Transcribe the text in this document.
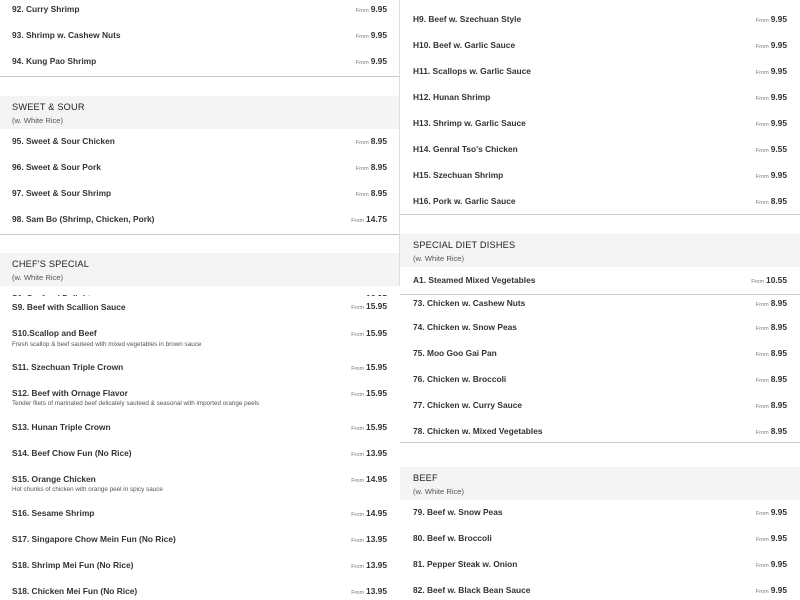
92. Curry Shrimp	From 9.95
93. Shrimp w. Cashew Nuts	From 9.95
94. Kung Pao Shrimp	From 9.95
SWEET & SOUR
(w. White Rice)
95. Sweet & Sour Chicken	From 8.95
96. Sweet & Sour Pork	From 8.95
97. Sweet & Sour Shrimp	From 8.95
98. Sam Bo (Shrimp, Chicken, Pork)	From 14.75
CHEF'S SPECIAL
(w. White Rice)
S9. Beef with Scallion Sauce	From 15.95
S10.Scallop and Beef	From 15.95
Fresh scallop & beef sauteed with mixed vegetables in brown sauce
S11. Szechuan Triple Crown	From 15.95
S12. Beef with Ornage Flavor	From 15.95
Tender filets of marinated beef delicately sauteed & seasonal with imported orange peels
S13. Hunan Triple Crown	From 15.95
S14. Beef Chow Fun (No Rice)	From 13.95
S15. Orange Chicken	From 14.95
Hot chunks of chicken with orange peel in spicy sauce
S16. Sesame Shrimp	From 14.95
S17. Singapore Chow Mein Fun (No Rice)	From 13.95
S18. Shrimp Mei Fun (No Rice)	From 13.95
S18. Chicken Mei Fun (No Rice)	From 13.95
H9. Beef w. Szechuan Style	From 9.95
H10. Beef w. Garlic Sauce	From 9.95
H11. Scallops w. Garlic Sauce	From 9.95
H12. Hunan Shrimp	From 9.95
H13. Shrimp w. Garlic Sauce	From 9.95
H14. Genral Tso's Chicken	From 9.55
H15. Szechuan Shrimp	From 9.95
H16. Pork w. Garlic Sauce	From 8.95
SPECIAL DIET DISHES
(w. White Rice)
A1. Steamed Mixed Vegetables	From 10.55
73. Chicken w. Cashew Nuts	From 8.95
74. Chicken w. Snow Peas	From 8.95
75. Moo Goo Gai Pan	From 8.95
76. Chicken w. Broccoli	From 8.95
77. Chicken w. Curry Sauce	From 8.95
78. Chicken w. Mixed Vegetables	From 8.95
BEEF
(w. White Rice)
79. Beef w. Snow Peas	From 9.95
80. Beef w. Broccoli	From 9.95
81. Pepper Steak w. Onion	From 9.95
82. Beef w. Black Bean Sauce	From 9.95
